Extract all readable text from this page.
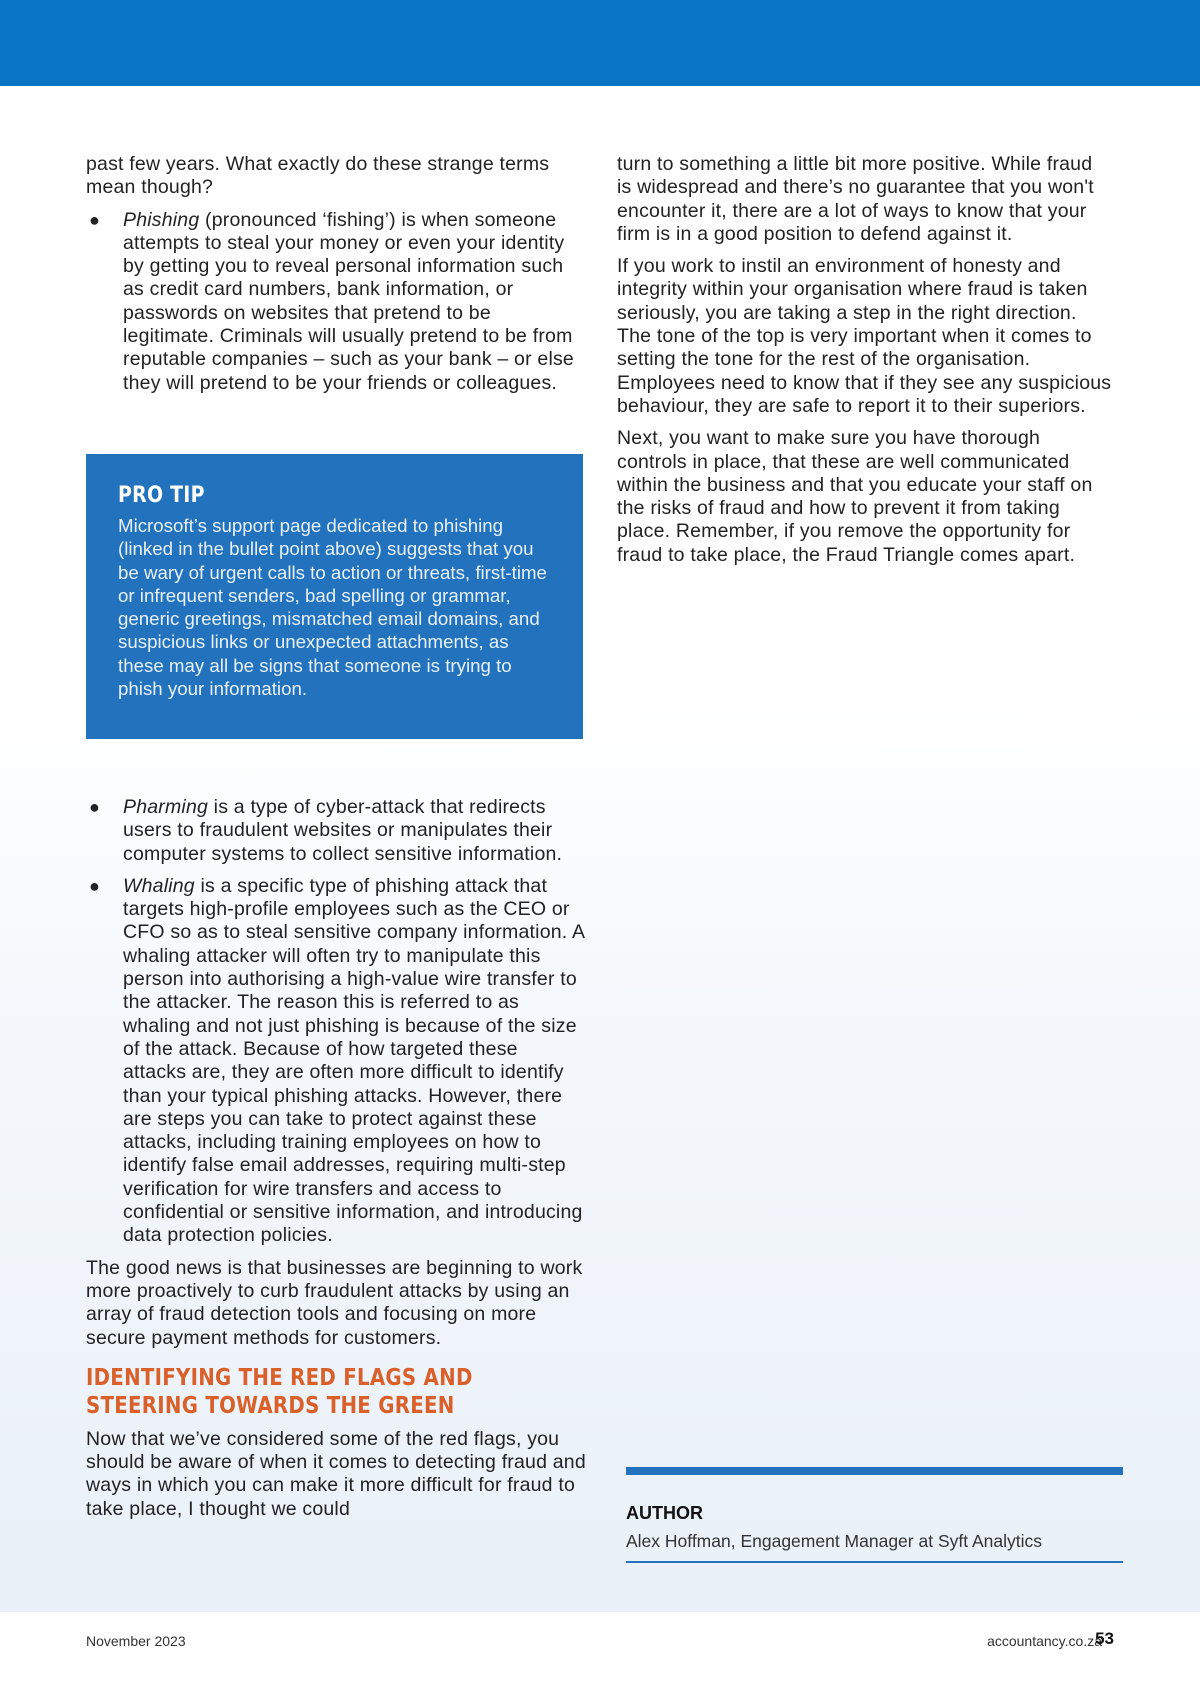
past few years. What exactly do these strange terms mean though?

● Phishing (pronounced ‘fishing’) is when someone attempts to steal your money or even your identity by getting you to reveal personal information such as credit card numbers, bank information, or passwords on websites that pretend to be legitimate. Criminals will usually pretend to be from reputable companies – such as your bank – or else they will pretend to be your friends or colleagues.
PRO TIP
Microsoft’s support page dedicated to phishing (linked in the bullet point above) suggests that you be wary of urgent calls to action or threats, first-time or infrequent senders, bad spelling or grammar, generic greetings, mismatched email domains, and suspicious links or unexpected attachments, as these may all be signs that someone is trying to phish your information.
● Pharming is a type of cyber-attack that redirects users to fraudulent websites or manipulates their computer systems to collect sensitive information.
● Whaling is a specific type of phishing attack that targets high-profile employees such as the CEO or CFO so as to steal sensitive company information. A whaling attacker will often try to manipulate this person into authorising a high-value wire transfer to the attacker. The reason this is referred to as whaling and not just phishing is because of the size of the attack. Because of how targeted these attacks are, they are often more difficult to identify than your typical phishing attacks. However, there are steps you can take to protect against these attacks, including training employees on how to identify false email addresses, requiring multi-step verification for wire transfers and access to confidential or sensitive information, and introducing data protection policies.

The good news is that businesses are beginning to work more proactively to curb fraudulent attacks by using an array of fraud detection tools and focusing on more secure payment methods for customers.

IDENTIFYING THE RED FLAGS AND STEERING TOWARDS THE GREEN

Now that we’ve considered some of the red flags, you should be aware of when it comes to detecting fraud and ways in which you can make it more difficult for fraud to take place, I thought we could

turn to something a little bit more positive. While fraud is widespread and there’s no guarantee that you won't encounter it, there are a lot of ways to know that your firm is in a good position to defend against it.

If you work to instil an environment of honesty and integrity within your organisation where fraud is taken seriously, you are taking a step in the right direction. The tone of the top is very important when it comes to setting the tone for the rest of the organisation. Employees need to know that if they see any suspicious behaviour, they are safe to report it to their superiors.

Next, you want to make sure you have thorough controls in place, that these are well communicated within the business and that you educate your staff on the risks of fraud and how to prevent it from taking place. Remember, if you remove the opportunity for fraud to take place, the Fraud Triangle comes apart.

AUTHOR
Alex Hoffman, Engagement Manager at Syft Analytics
November 2023	accountancy.co.za
53
